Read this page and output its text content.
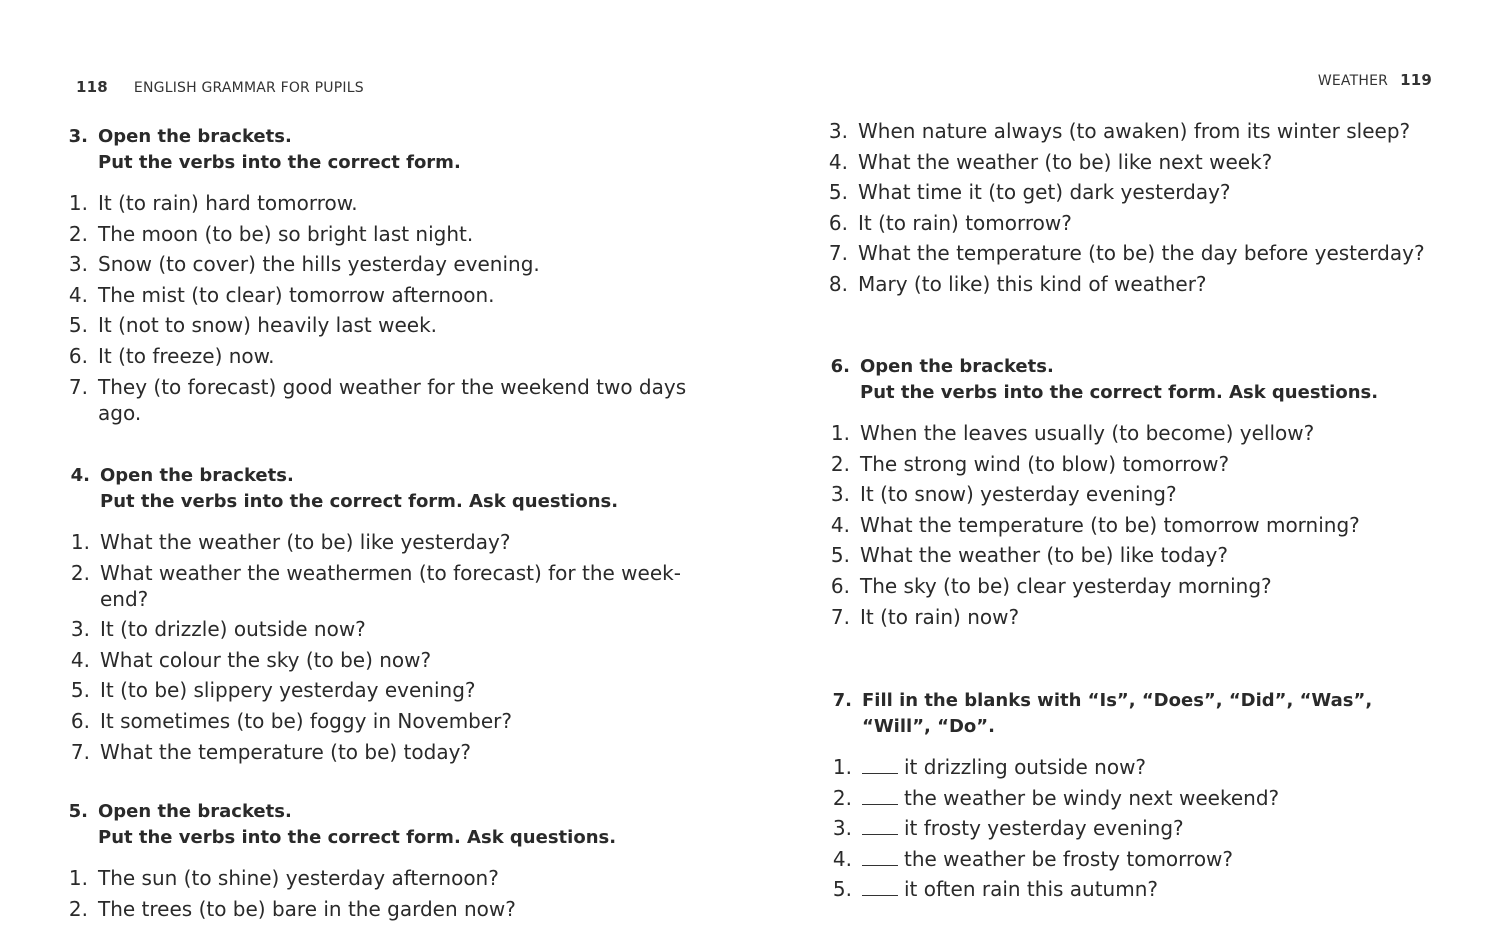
118 ENGLISH GRAMMAR FOR PUPILS
3. Open the brackets.
Put the verbs into the correct form.
1. It (to rain) hard tomorrow.
2. The moon (to be) so bright last night.
3. Snow (to cover) the hills yesterday evening.
4. The mist (to clear) tomorrow afternoon.
5. It (not to snow) heavily last week.
6. It (to freeze) now.
7. They (to forecast) good weather for the weekend two days ago.
4. Open the brackets.
Put the verbs into the correct form. Ask questions.
1. What the weather (to be) like yesterday?
2. What weather the weathermen (to forecast) for the week-end?
3. It (to drizzle) outside now?
4. What colour the sky (to be) now?
5. It (to be) slippery yesterday evening?
6. It sometimes (to be) foggy in November?
7. What the temperature (to be) today?
5. Open the brackets.
Put the verbs into the correct form. Ask questions.
1. The sun (to shine) yesterday afternoon?
2. The trees (to be) bare in the garden now?
WEATHER 119
3. When nature always (to awaken) from its winter sleep?
4. What the weather (to be) like next week?
5. What time it (to get) dark yesterday?
6. It (to rain) tomorrow?
7. What the temperature (to be) the day before yesterday?
8. Mary (to like) this kind of weather?
6. Open the brackets.
Put the verbs into the correct form. Ask questions.
1. When the leaves usually (to become) yellow?
2. The strong wind (to blow) tomorrow?
3. It (to snow) yesterday evening?
4. What the temperature (to be) tomorrow morning?
5. What the weather (to be) like today?
6. The sky (to be) clear yesterday morning?
7. It (to rain) now?
7. Fill in the blanks with “Is”, “Does”, “Did”, “Was”,
“Will”, “Do”.
1.	it drizzling outside now?
2.	the weather be windy next weekend?
3.	it frosty yesterday evening?
4.	the weather be frosty tomorrow?
5.	it often rain this autumn?
